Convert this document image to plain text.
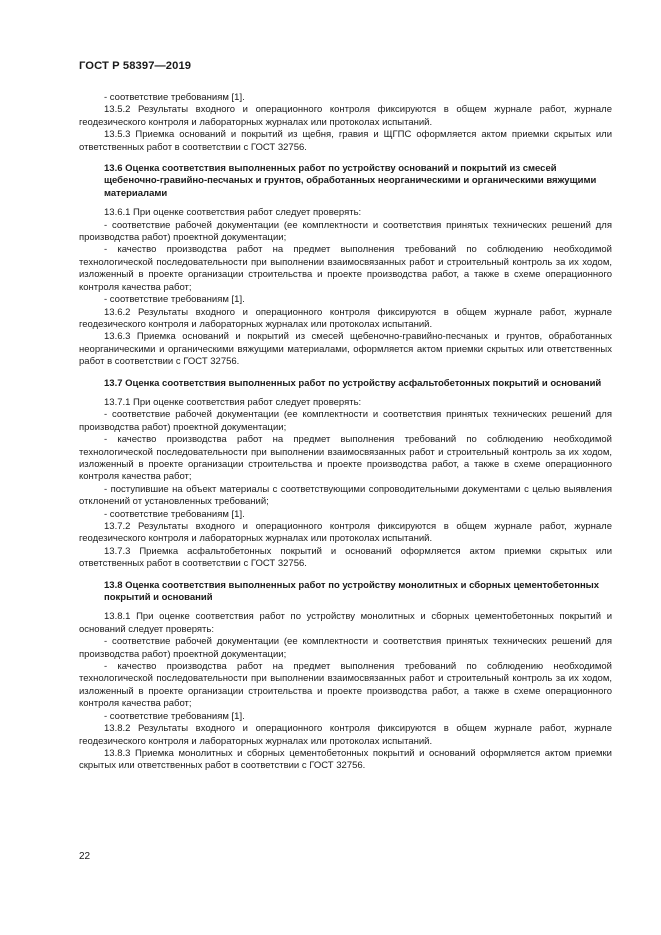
ГОСТ Р 58397—2019

- соответствие требованиям [1].

13.5.2 Результаты входного и операционного контроля фиксируются в общем журнале работ, журнале геодезического контроля и лабораторных журналах или протоколах испытаний.

13.5.3 Приемка оснований и покрытий из щебня, гравия и ЩГПС оформляется актом приемки скрытых или ответственных работ в соответствии с ГОСТ 32756.

13.6 Оценка соответствия выполненных работ по устройству оснований и покрытий из смесей щебеночно-гравийно-песчаных и грунтов, обработанных неорганическими и органическими вяжущими материалами

13.6.1 При оценке соответствия работ следует проверять:

- соответствие рабочей документации (ее комплектности и соответствия принятых технических решений для производства работ) проектной документации;

- качество производства работ на предмет выполнения требований по соблюдению необходимой технологической последовательности при выполнении взаимосвязанных работ и строительный контроль за их ходом, изложенный в проекте организации строительства и проекте производства работ, а также в схеме операционного контроля качества работ;

- соответствие требованиям [1].

13.6.2 Результаты входного и операционного контроля фиксируются в общем журнале работ, журнале геодезического контроля и лабораторных журналах или протоколах испытаний.

13.6.3 Приемка оснований и покрытий из смесей щебеночно-гравийно-песчаных и грунтов, обработанных неорганическими и органическими вяжущими материалами, оформляется актом приемки скрытых или ответственных работ в соответствии с ГОСТ 32756.

13.7 Оценка соответствия выполненных работ по устройству асфальтобетонных покрытий и оснований

13.7.1 При оценке соответствия работ следует проверять:

- соответствие рабочей документации (ее комплектности и соответствия принятых технических решений для производства работ) проектной документации;

- качество производства работ на предмет выполнения требований по соблюдению необходимой технологической последовательности при выполнении взаимосвязанных работ и строительный контроль за их ходом, изложенный в проекте организации строительства и проекте производства работ, а также в схеме операционного контроля качества работ;

- поступившие на объект материалы с соответствующими сопроводительными документами с целью выявления отклонений от установленных требований;

- соответствие требованиям [1].

13.7.2 Результаты входного и операционного контроля фиксируются в общем журнале работ, журнале геодезического контроля и лабораторных журналах или протоколах испытаний.

13.7.3 Приемка асфальтобетонных покрытий и оснований оформляется актом приемки скрытых или ответственных работ в соответствии с ГОСТ 32756.

13.8 Оценка соответствия выполненных работ по устройству монолитных и сборных цементобетонных покрытий и оснований

13.8.1 При оценке соответствия работ по устройству монолитных и сборных цементобетонных покрытий и оснований следует проверять:

- соответствие рабочей документации (ее комплектности и соответствия принятых технических решений для производства работ) проектной документации;

- качество производства работ на предмет выполнения требований по соблюдению необходимой технологической последовательности при выполнении взаимосвязанных работ и строительный контроль за их ходом, изложенный в проекте организации строительства и проекте производства работ, а также в схеме операционного контроля качества работ;

- соответствие требованиям [1].

13.8.2 Результаты входного и операционного контроля фиксируются в общем журнале работ, журнале геодезического контроля и лабораторных журналах или протоколах испытаний.

13.8.3 Приемка монолитных и сборных цементобетонных покрытий и оснований оформляется актом приемки скрытых или ответственных работ в соответствии с ГОСТ 32756.

22
